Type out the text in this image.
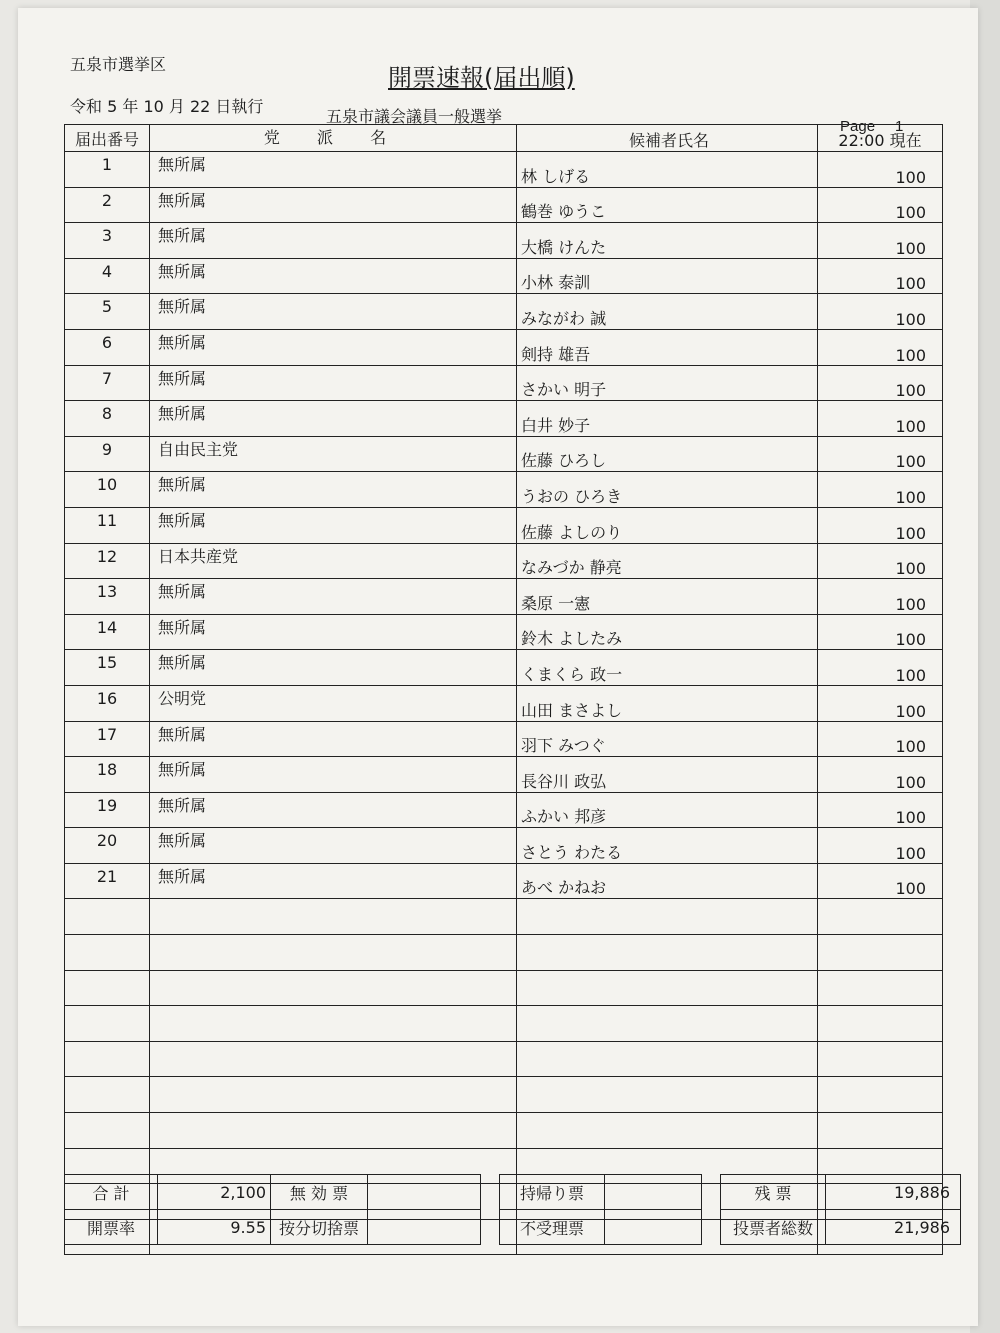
五泉市選挙区	開票速報(届出順)
令和 5 年 10 月 22 日執行
五泉市議会議員一般選挙
Page 1
届出番号	党 派 名	候補者氏名	22:00 現在
1	無所属	林 しげる	100
2	無所属	鶴巻 ゆうこ	100
3	無所属	大橋 けんた	100
4	無所属	小林 泰訓	100
5	無所属	みながわ 誠	100
6	無所属	剣持 雄吾	100
7	無所属	さかい 明子	100
8	無所属	白井 妙子	100
9	自由民主党	佐藤 ひろし	100
10	無所属	うおの ひろき	100
11	無所属	佐藤 よしのり	100
12	日本共産党	なみづか 静亮	100
13	無所属	桑原 一憲	100
14	無所属	鈴木 よしたみ	100
15	無所属	くまくら 政一	100
16	公明党	山田 まさよし	100
17	無所属	羽下 みつぐ	100
18	無所属	長谷川 政弘	100
19	無所属	ふかい 邦彦	100
20	無所属	さとう わたる	100
21	無所属	あべ かねお	100

合 計	2,100	無 効 票			持帰り票			残 票	19,886
開票率	9.55	按分切捨票			不受理票			投票者総数	21,986
